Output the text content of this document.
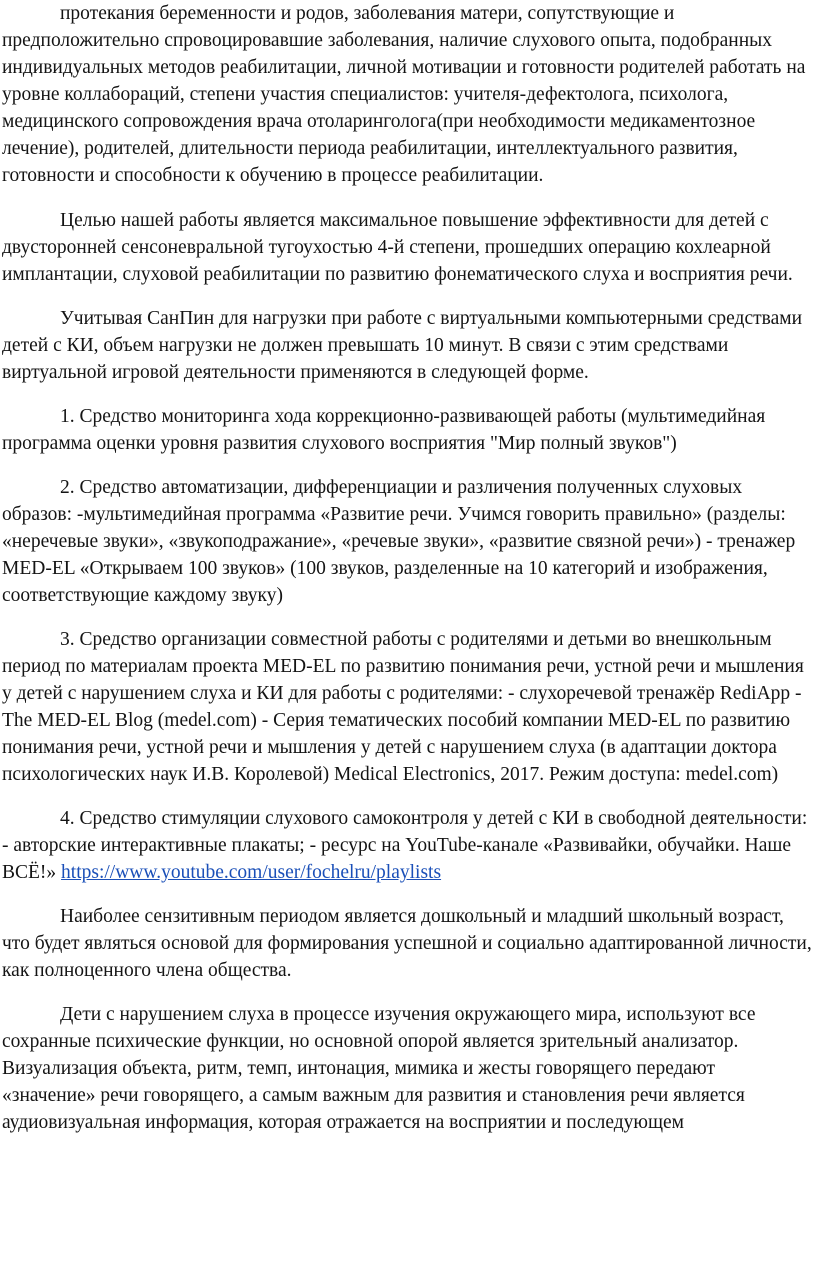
протекания беременности и родов, заболевания матери, сопутствующие и предположительно спровоцировавшие заболевания, наличие слухового опыта, подобранных индивидуальных методов реабилитации, личной мотивации и готовности родителей работать на уровне коллабораций, степени участия специалистов: учителя-дефектолога, психолога, медицинского сопровождения врача отоларинголога(при необходимости медикаментозное лечение), родителей, длительности периода реабилитации, интеллектуального развития, готовности и способности к обучению в процессе реабилитации.

Целью нашей работы является максимальное повышение эффективности для детей с двусторонней сенсоневральной тугоухостью 4-й степени, прошедших операцию кохлеарной имплантации, слуховой реабилитации по развитию фонематического слуха и восприятия речи.

Учитывая СанПин для нагрузки при работе с виртуальными компьютерными средствами детей с КИ, объем нагрузки не должен превышать 10 минут. В связи с этим средствами виртуальной игровой деятельности применяются в следующей форме.

1. Средство мониторинга хода коррекционно-развивающей работы (мультимедийная программа оценки уровня развития слухового восприятия "Мир полный звуков")

2. Средство автоматизации, дифференциации и различения полученных слуховых образов: -мультимедийная программа «Развитие речи. Учимся говорить правильно» (разделы: «неречевые звуки», «звукоподражание», «речевые звуки», «развитие связной речи») - тренажер MED-EL «Открываем 100 звуков» (100 звуков, разделенные на 10 категорий и изображения, соответствующие каждому звуку)

3. Средство организации совместной работы с родителями и детьми во внешкольным период по материалам проекта MED-EL по развитию понимания речи, устной речи и мышления у детей с нарушением слуха и КИ для работы с родителями: - слухоречевой тренажёр RediApp - The MED-EL Blog (medel.com) - Серия тематических пособий компании MED-EL по развитию понимания речи, устной речи и мышления у детей с нарушением слуха (в адаптации доктора психологических наук И.В. Королевой) Medical Electronics, 2017. Режим доступа: medel.com)

4. Средство стимуляции слухового самоконтроля у детей с КИ в свободной деятельности: - авторские интерактивные плакаты; - ресурс на YouTube-канале «Развивайки, обучайки. Наше ВСЁ!» https://www.youtube.com/user/fochelru/playlists

Наиболее сензитивным периодом является дошкольный и младший школьный возраст, что будет являться основой для формирования успешной и социально адаптированной личности, как полноценного члена общества.

Дети с нарушением слуха в процессе изучения окружающего мира, используют все сохранные психические функции, но основной опорой является зрительный анализатор. Визуализация объекта, ритм, темп, интонация, мимика и жесты говорящего передают «значение» речи говорящего, а самым важным для развития и становления речи является аудиовизуальная информация, которая отражается на восприятии и последующем
